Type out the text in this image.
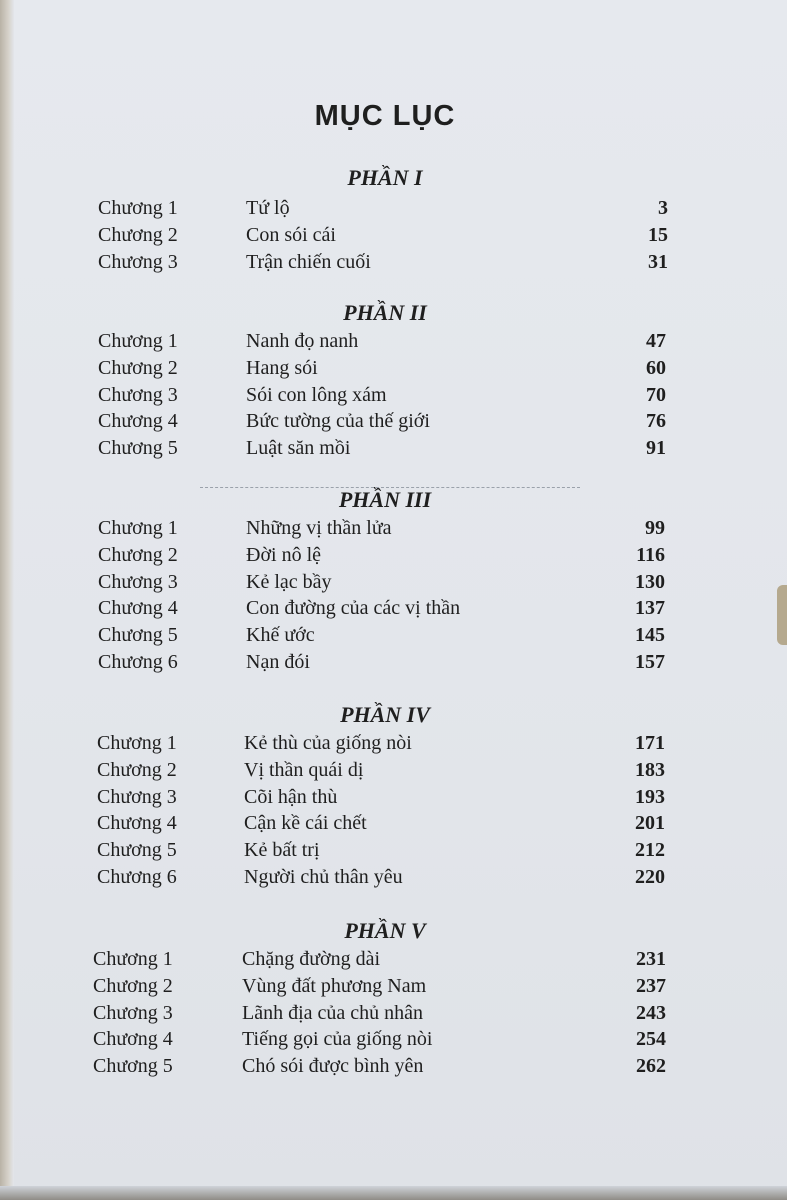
MỤC LỤC
PHẦN I
Chương 1	Tứ lộ	3
Chương 2	Con sói cái	15
Chương 3	Trận chiến cuối	31
PHẦN II
Chương 1	Nanh đọ nanh	47
Chương 2	Hang sói	60
Chương 3	Sói con lông xám	70
Chương 4	Bức tường của thế giới	76
Chương 5	Luật săn mồi	91
PHẦN III
Chương 1	Những vị thần lửa	99
Chương 2	Đời nô lệ	116
Chương 3	Kẻ lạc bầy	130
Chương 4	Con đường của các vị thần	137
Chương 5	Khế ước	145
Chương 6	Nạn đói	157
PHẦN IV
Chương 1	Kẻ thù của giống nòi	171
Chương 2	Vị thần quái dị	183
Chương 3	Cõi hận thù	193
Chương 4	Cận kề cái chết	201
Chương 5	Kẻ bất trị	212
Chương 6	Người chủ thân yêu	220
PHẦN V
Chương 1	Chặng đường dài	231
Chương 2	Vùng đất phương Nam	237
Chương 3	Lãnh địa của chủ nhân	243
Chương 4	Tiếng gọi của giống nòi	254
Chương 5	Chó sói được bình yên	262
